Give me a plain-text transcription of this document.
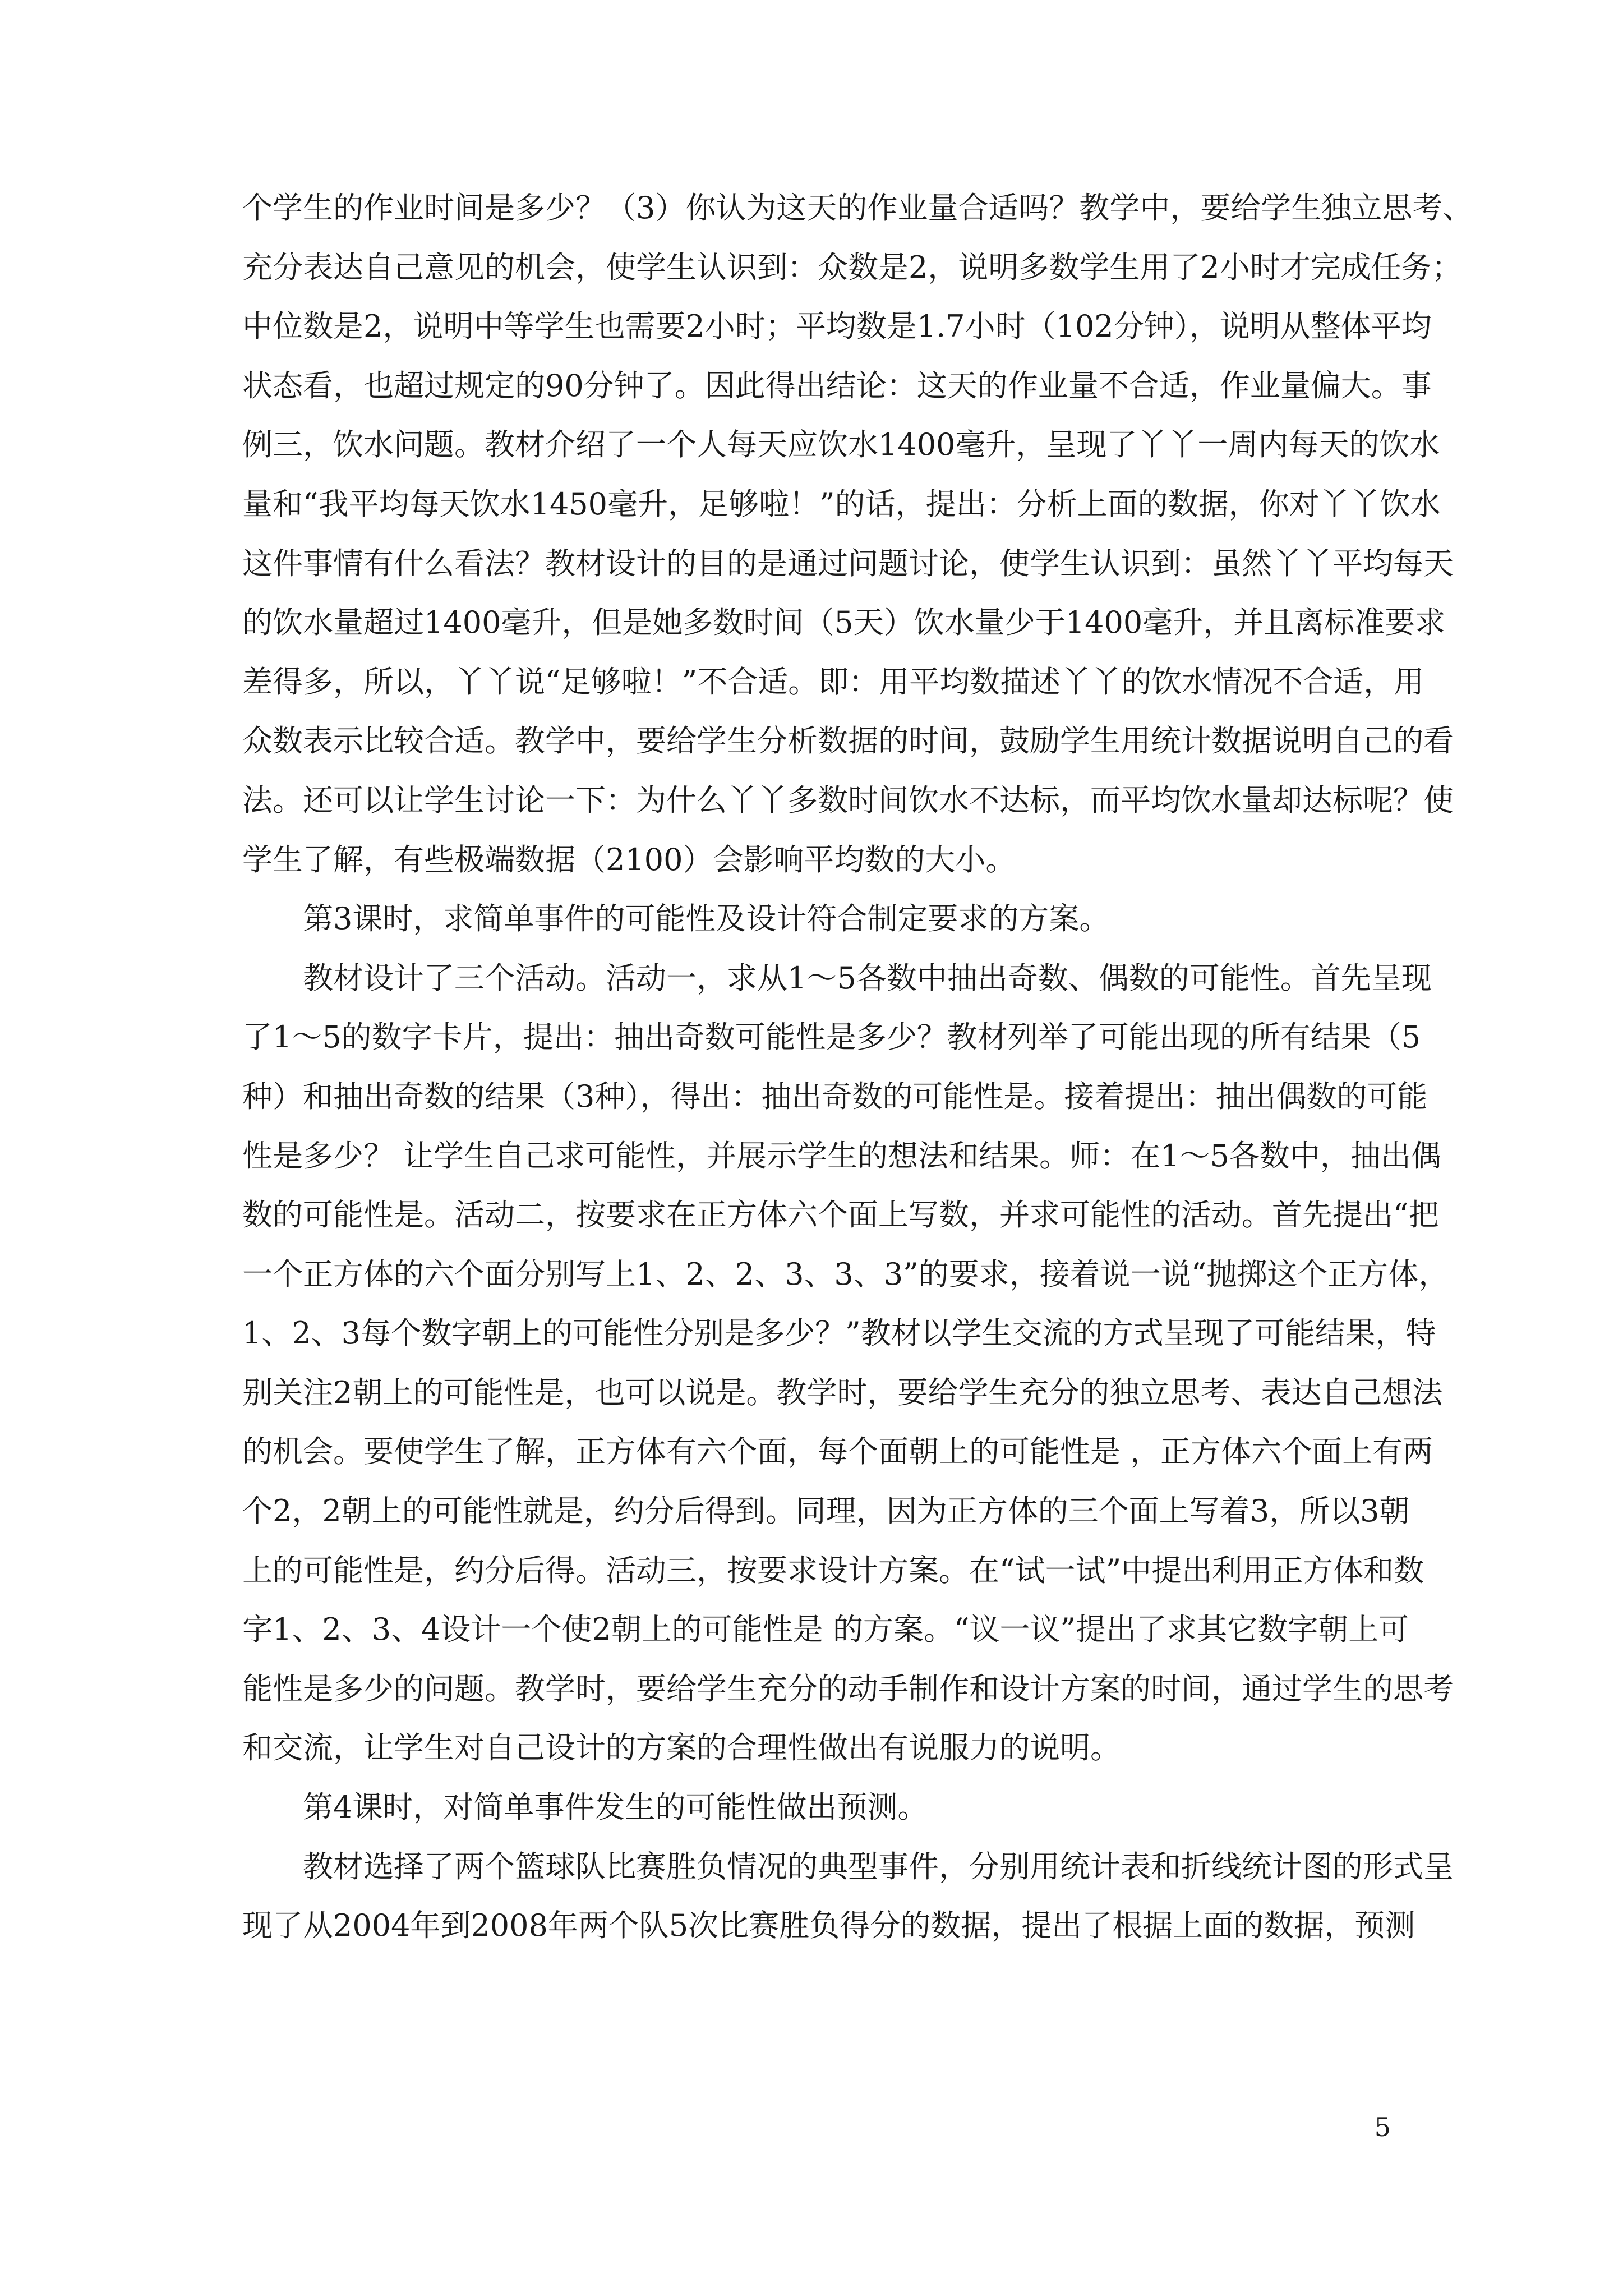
个学生的作业时间是多少？（3）你认为这天的作业量合适吗？教学中，要给学生独立思考、
充分表达自己意见的机会，使学生认识到：众数是2，说明多数学生用了2小时才完成任务；
中位数是2，说明中等学生也需要2小时；平均数是1.7小时（102分钟），说明从整体平均
状态看，也超过规定的90分钟了。因此得出结论：这天的作业量不合适，作业量偏大。事
例三，饮水问题。教材介绍了一个人每天应饮水1400毫升，呈现了丫丫一周内每天的饮水
量和“我平均每天饮水1450毫升，足够啦！”的话，提出：分析上面的数据，你对丫丫饮水
这件事情有什么看法？教材设计的目的是通过问题讨论，使学生认识到：虽然丫丫平均每天
的饮水量超过1400毫升，但是她多数时间（5天）饮水量少于1400毫升，并且离标准要求
差得多，所以，丫丫说“足够啦！”不合适。即：用平均数描述丫丫的饮水情况不合适，用
众数表示比较合适。教学中，要给学生分析数据的时间，鼓励学生用统计数据说明自己的看
法。还可以让学生讨论一下：为什么丫丫多数时间饮水不达标，而平均饮水量却达标呢？使
学生了解，有些极端数据（2100）会影响平均数的大小。
第3课时，求简单事件的可能性及设计符合制定要求的方案。
教材设计了三个活动。活动一，求从1～5各数中抽出奇数、偶数的可能性。首先呈现
了1～5的数字卡片，提出：抽出奇数可能性是多少？教材列举了可能出现的所有结果（5
种）和抽出奇数的结果（3种），得出：抽出奇数的可能性是。接着提出：抽出偶数的可能
性是多少？ 让学生自己求可能性，并展示学生的想法和结果。师：在1～5各数中，抽出偶
数的可能性是。活动二，按要求在正方体六个面上写数，并求可能性的活动。首先提出“把
一个正方体的六个面分别写上1、2、2、3、3、3”的要求，接着说一说“抛掷这个正方体，
1、2、3每个数字朝上的可能性分别是多少？”教材以学生交流的方式呈现了可能结果，特
别关注2朝上的可能性是，也可以说是。教学时，要给学生充分的独立思考、表达自己想法
的机会。要使学生了解，正方体有六个面，每个面朝上的可能性是 ，正方体六个面上有两
个2，2朝上的可能性就是，约分后得到。同理，因为正方体的三个面上写着3，所以3朝
上的可能性是，约分后得。活动三，按要求设计方案。在“试一试”中提出利用正方体和数
字1、2、3、4设计一个使2朝上的可能性是 的方案。“议一议”提出了求其它数字朝上可
能性是多少的问题。教学时，要给学生充分的动手制作和设计方案的时间，通过学生的思考
和交流，让学生对自己设计的方案的合理性做出有说服力的说明。
第4课时，对简单事件发生的可能性做出预测。
教材选择了两个篮球队比赛胜负情况的典型事件，分别用统计表和折线统计图的形式呈
现了从2004年到2008年两个队5次比赛胜负得分的数据，提出了根据上面的数据，预测
5
